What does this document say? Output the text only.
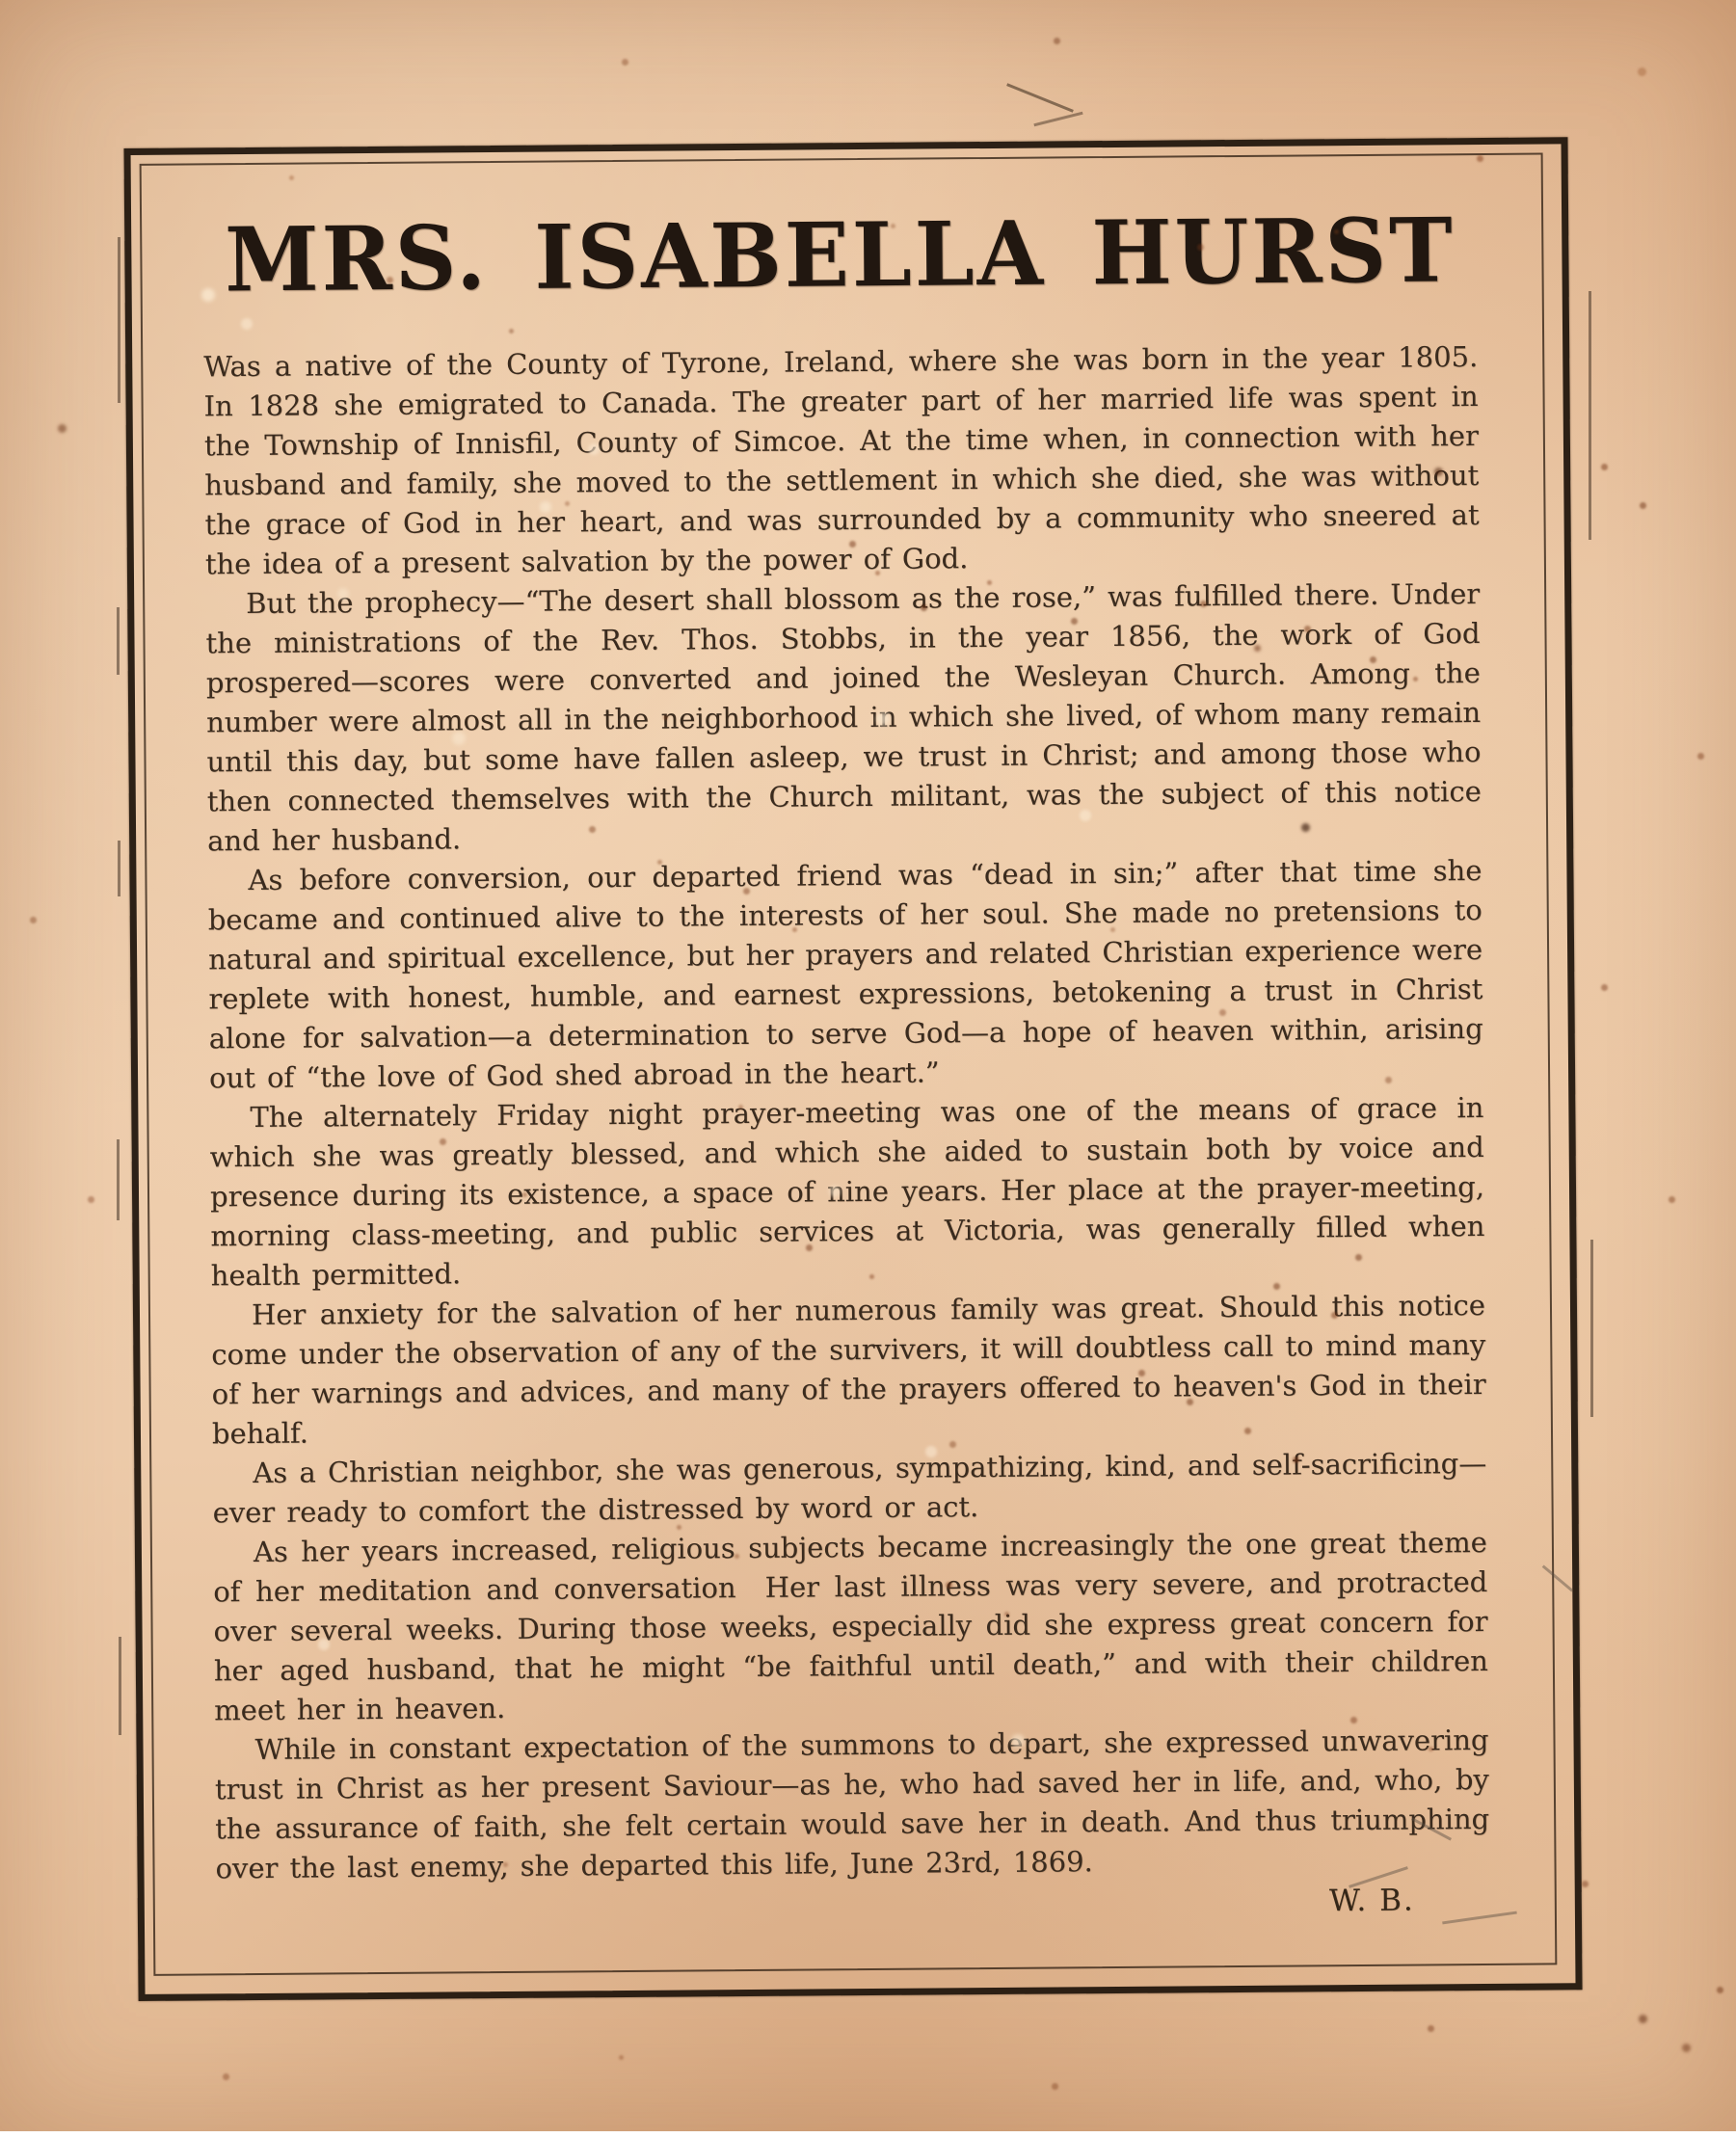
MRS. ISABELLA HURST

Was a native of the County of Tyrone, Ireland, where she was born in the year 1805. In 1828 she emigrated to Canada. The greater part of her married life was spent in the Township of Innisfil, County of Simcoe. At the time when, in connection with her husband and family, she moved to the settlement in which she died, she was without the grace of God in her heart, and was surrounded by a community who sneered at the idea of a present salvation by the power of God.

But the prophecy—“The desert shall blossom as the rose,” was fulfilled there. Under the ministrations of the Rev. Thos. Stobbs, in the year 1856, the work of God prospered—scores were converted and joined the Wesleyan Church. Among the number were almost all in the neighborhood in which she lived, of whom many remain until this day, but some have fallen asleep, we trust in Christ; and among those who then connected themselves with the Church militant, was the subject of this notice and her husband.

As before conversion, our departed friend was “dead in sin;” after that time she became and continued alive to the interests of her soul. She made no pretensions to natural and spiritual excellence, but her prayers and related Christian experience were replete with honest, humble, and earnest expressions, betokening a trust in Christ alone for salvation—a determination to serve God—a hope of heaven within, arising out of “the love of God shed abroad in the heart.”

The alternately Friday night prayer-meeting was one of the means of grace in which she was greatly blessed, and which she aided to sustain both by voice and presence during its existence, a space of nine years. Her place at the prayer-meeting, morning class-meeting, and public services at Victoria, was generally filled when health permitted.

Her anxiety for the salvation of her numerous family was great. Should this notice come under the observation of any of the survivers, it will doubtless call to mind many of her warnings and advices, and many of the prayers offered to heaven's God in their behalf.

As a Christian neighbor, she was generous, sympathizing, kind, and self-sacrificing—ever ready to comfort the distressed by word or act.

As her years increased, religious subjects became increasingly the one great theme of her meditation and conversation  Her last illness was very severe, and protracted over several weeks. During those weeks, especially did she express great concern for her aged husband, that he might “be faithful until death,” and with their children meet her in heaven.

While in constant expectation of the summons to depart, she expressed unwavering trust in Christ as her present Saviour—as he, who had saved her in life, and, who, by the assurance of faith, she felt certain would save her in death. And thus triumphing over the last enemy, she departed this life, June 23rd, 1869.

W. B.
